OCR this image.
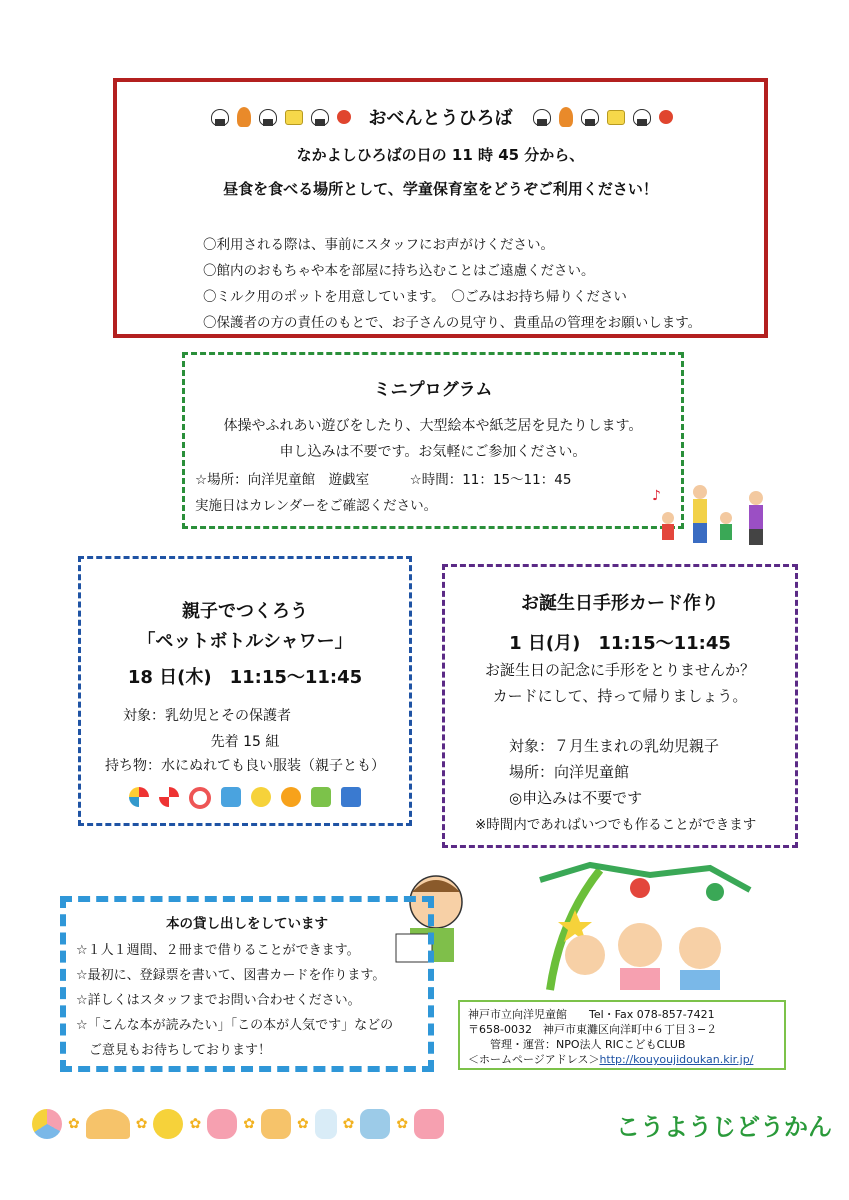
おべんとうひろば
なかよしひろばの日の 11 時 45 分から、
昼食を食べる場所として、学童保育室をどうぞご利用ください！
〇利用される際は、事前にスタッフにお声がけください。
〇館内のおもちゃや本を部屋に持ち込むことはご遠慮ください。
〇ミルク用のポットを用意しています。　〇ごみはお持ち帰りください
〇保護者の方の責任のもとで、お子さんの見守り、貴重品の管理をお願いします。
ミニプログラム
体操やふれあい遊びをしたり、大型絵本や紙芝居を見たりします。
申し込みは不要です。お気軽にご参加ください。
☆場所：向洋児童館　遊戯室　　　☆時間：11：15〜11：45
実施日はカレンダーをご確認ください。
♪
親子でつくろう
「ペットボトルシャワー」
18 日(木)　11:15〜11:45
対象：乳幼児とその保護者
先着 15 組
持ち物：水にぬれても良い服装（親子とも）
お誕生日手形カード作り
1 日(月)　11:15〜11:45
お誕生日の記念に手形をとりませんか？
カードにして、持って帰りましょう。
対象：７月生まれの乳幼児親子
場所：向洋児童館
◎申込みは不要です
※時間内であればいつでも作ることができます
本の貸し出しをしています
☆１人１週間、２冊まで借りることができます。
☆最初に、登録票を書いて、図書カードを作ります。
☆詳しくはスタッフまでお問い合わせください。
☆「こんな本が読みたい」「この本が人気です」などの
　ご意見もお待ちしております！
神戸市立向洋児童館　　Tel・Fax 078-857-7421
〒658-0032　神戸市東灘区向洋町中６丁目３−２
管理・運営：NPO法人 RICこどもCLUB
＜ホームページアドレス＞http://kouyoujidoukan.kir.jp/
✿	✿	✿	✿	✿ ✿	✿	こうようじどうかん
